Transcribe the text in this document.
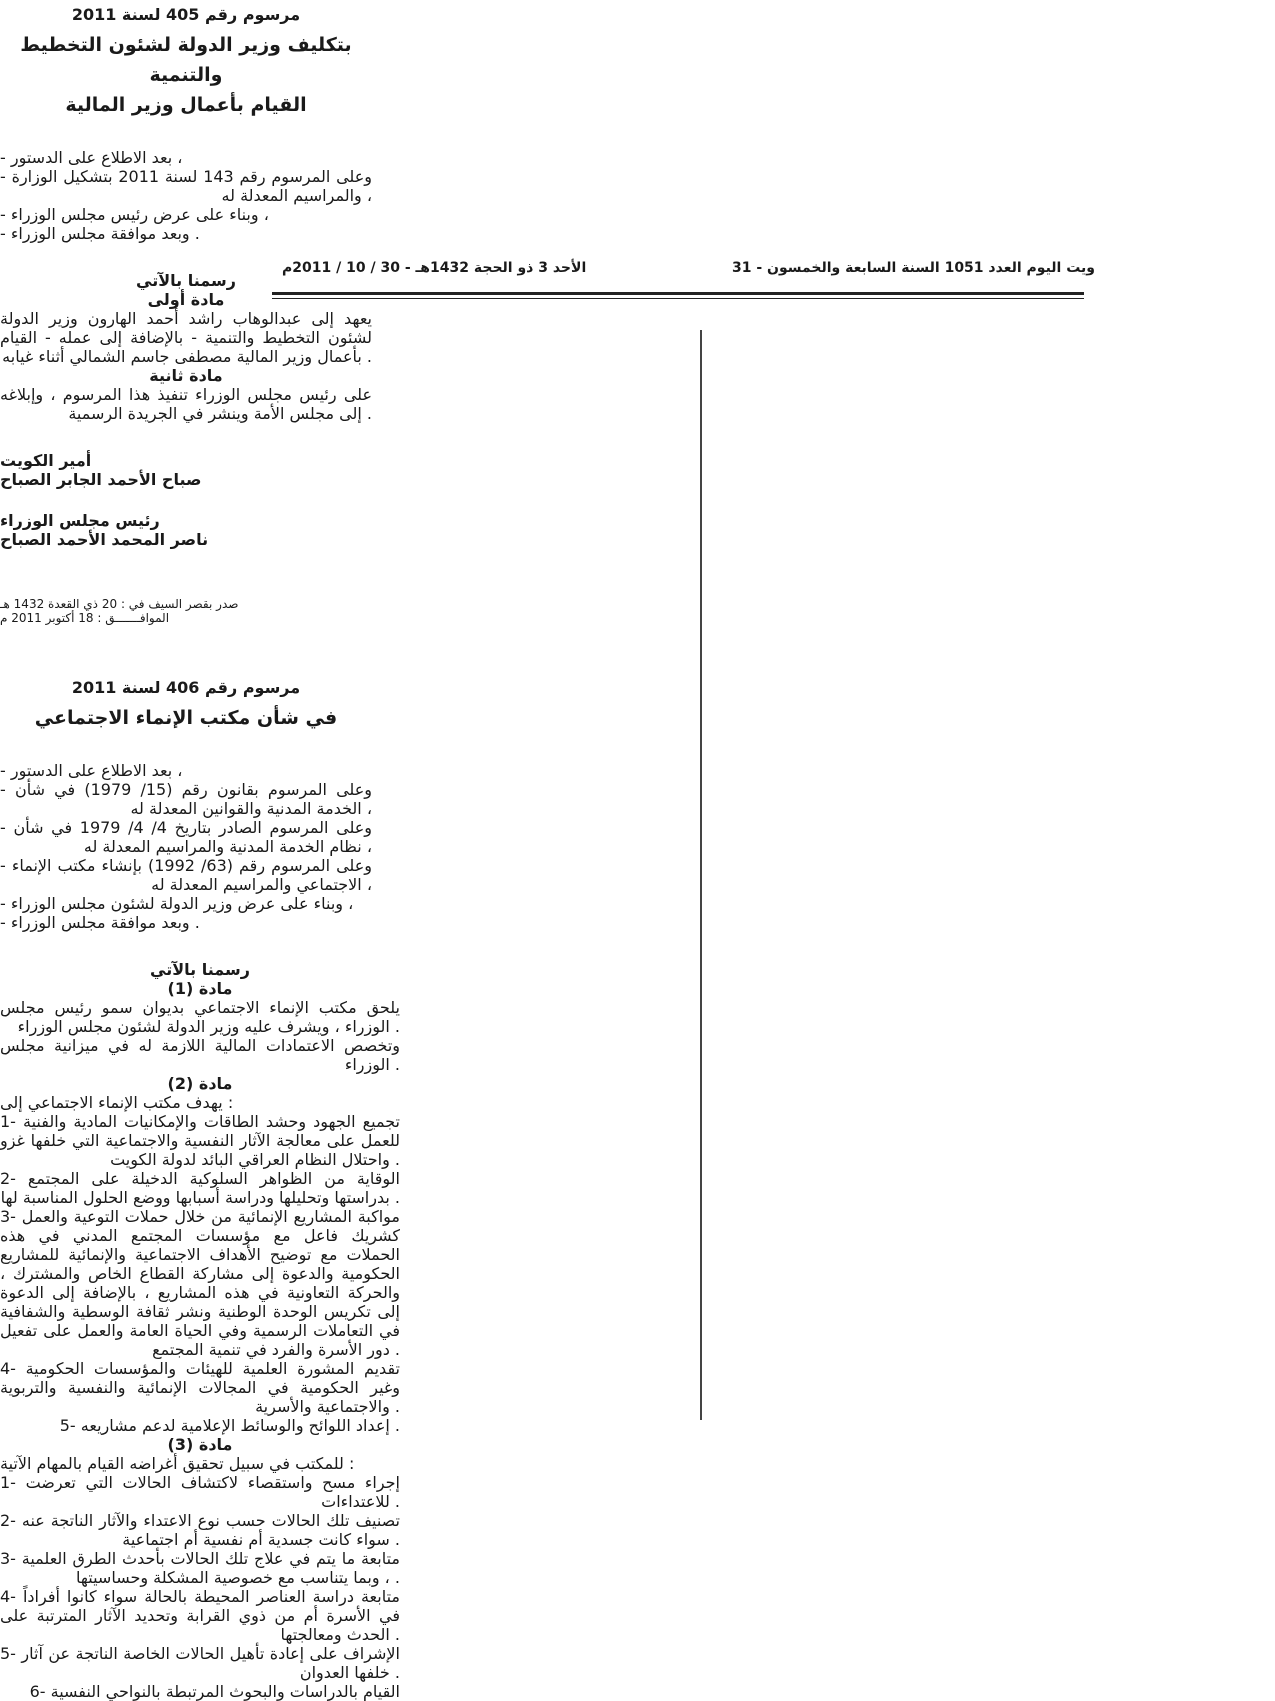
ويت اليوم العدد 1051 السنة السابعة والخمسون - 31
الأحد 3 ذو الحجة 1432هـ - 30 / 10 / 2011م
مرسوم رقم 405 لسنة 2011
بتكليف وزير الدولة لشئون التخطيط والتنمية
القيام بأعمال وزير المالية
- بعد الاطلاع على الدستور ،
- وعلى المرسوم رقم 143 لسنة 2011 بتشكيل الوزارة والمراسيم المعدلة له ،
- وبناء على عرض رئيس مجلس الوزراء ،
- وبعد موافقة مجلس الوزراء .
رسمنا بالآتي
مادة أولى
يعهد إلى عبدالوهاب راشد أحمد الهارون وزير الدولة لشئون التخطيط والتنمية - بالإضافة إلى عمله - القيام بأعمال وزير المالية مصطفى جاسم الشمالي أثناء غيابه .
مادة ثانية
على رئيس مجلس الوزراء تنفيذ هذا المرسوم ، وإبلاغه إلى مجلس الأمة وينشر في الجريدة الرسمية .
أمير الكويت
صباح الأحمد الجابر الصباح
رئيس مجلس الوزراء
ناصر المحمد الأحمد الصباح
صدر بقصر السيف في : 20 ذي القعدة 1432 هـ
الموافـــــــق : 18 أكتوبر 2011 م
مرسوم رقم 406 لسنة 2011
في شأن مكتب الإنماء الاجتماعي
- بعد الاطلاع على الدستور ،
- وعلى المرسوم بقانون رقم (15/ 1979) في شأن الخدمة المدنية والقوانين المعدلة له ،
- وعلى المرسوم الصادر بتاريخ 4/ 4/ 1979 في شأن نظام الخدمة المدنية والمراسيم المعدلة له ،
- وعلى المرسوم رقم (63/ 1992) بإنشاء مكتب الإنماء الاجتماعي والمراسيم المعدلة له ،
- وبناء على عرض وزير الدولة لشئون مجلس الوزراء ،
- وبعد موافقة مجلس الوزراء .
رسمنا بالآتي
مادة (1)
يلحق مكتب الإنماء الاجتماعي بديوان سمو رئيس مجلس الوزراء ، ويشرف عليه وزير الدولة لشئون مجلس الوزراء .
وتخصص الاعتمادات المالية اللازمة له في ميزانية مجلس الوزراء .
مادة (2)
يهدف مكتب الإنماء الاجتماعي إلى :
1- تجميع الجهود وحشد الطاقات والإمكانيات المادية والفنية للعمل على معالجة الآثار النفسية والاجتماعية التي خلفها غزو واحتلال النظام العراقي البائد لدولة الكويت .
2- الوقاية من الظواهر السلوكية الدخيلة على المجتمع بدراستها وتحليلها ودراسة أسبابها ووضع الحلول المناسبة لها .
3- مواكبة المشاريع الإنمائية من خلال حملات التوعية والعمل كشريك فاعل مع مؤسسات المجتمع المدني في هذه الحملات مع توضيح الأهداف الاجتماعية والإنمائية للمشاريع الحكومية والدعوة إلى مشاركة القطاع الخاص والمشترك ، والحركة التعاونية في هذه المشاريع ، بالإضافة إلى الدعوة إلى تكريس الوحدة الوطنية ونشر ثقافة الوسطية والشفافية في التعاملات الرسمية وفي الحياة العامة والعمل على تفعيل دور الأسرة والفرد في تنمية المجتمع .
4- تقديم المشورة العلمية للهيئات والمؤسسات الحكومية وغير الحكومية في المجالات الإنمائية والنفسية والتربوية والاجتماعية والأسرية .
5- إعداد اللوائح والوسائط الإعلامية لدعم مشاريعه .
مادة (3)
للمكتب في سبيل تحقيق أغراضه القيام بالمهام الآتية :
1- إجراء مسح واستقصاء لاكتشاف الحالات التي تعرضت للاعتداءات .
2- تصنيف تلك الحالات حسب نوع الاعتداء والآثار الناتجة عنه سواء كانت جسدية أم نفسية أم اجتماعية .
3- متابعة ما يتم في علاج تلك الحالات بأحدث الطرق العلمية ، وبما يتناسب مع خصوصية المشكلة وحساسيتها .
4- متابعة دراسة العناصر المحيطة بالحالة سواء كانوا أفراداً في الأسرة أم من ذوي القرابة وتحديد الآثار المترتبة على الحدث ومعالجتها .
5- الإشراف على إعادة تأهيل الحالات الخاصة الناتجة عن آثار خلفها العدوان .
6- القيام بالدراسات والبحوث المرتبطة بالنواحي النفسية
